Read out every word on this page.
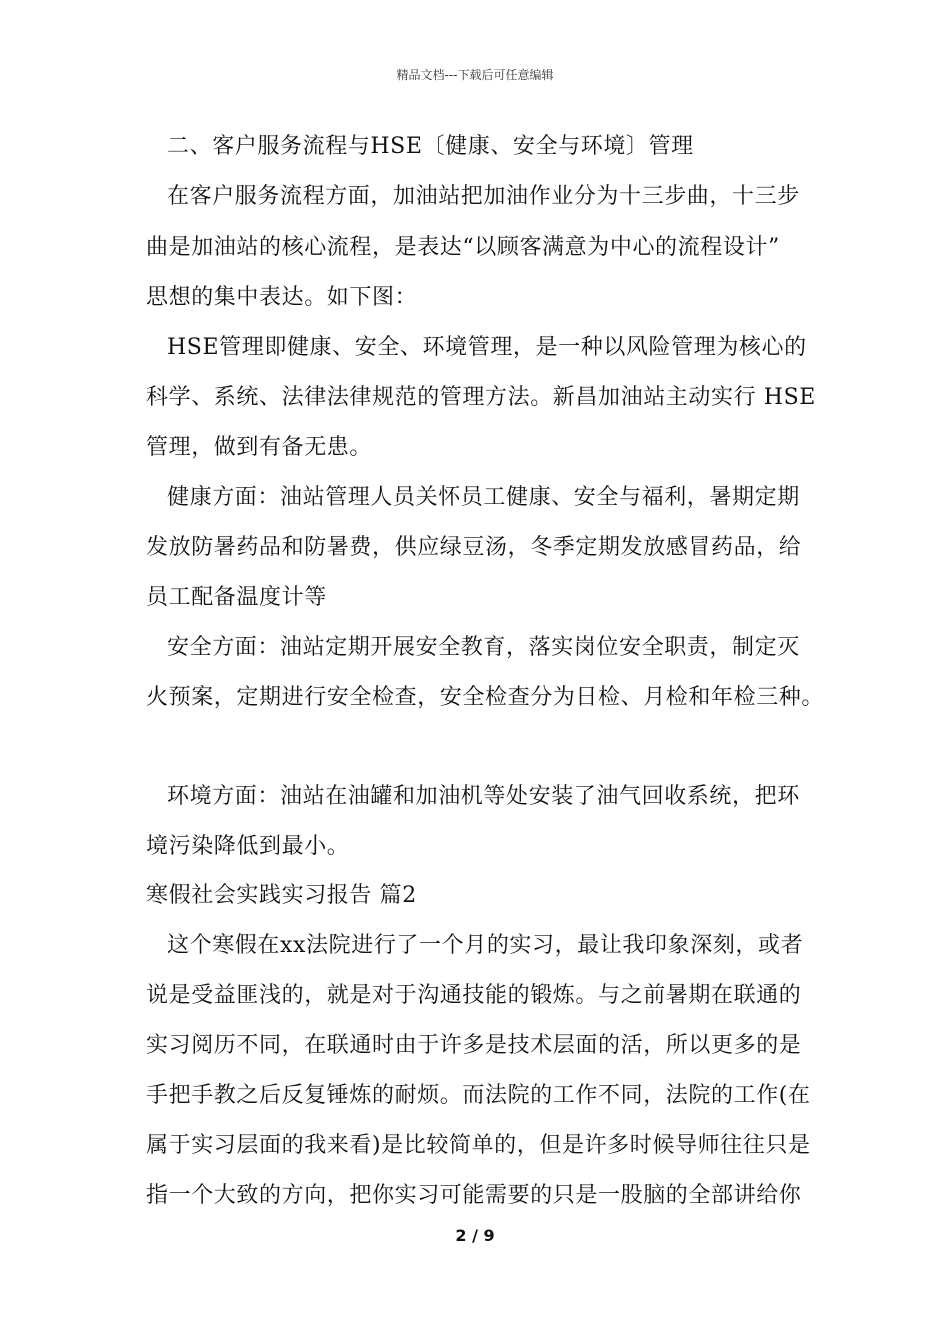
精品文档---下载后可任意编辑
二、客户服务流程与HSE〔健康、安全与环境〕管理
在客户服务流程方面，加油站把加油作业分为十三步曲，十三步
曲是加油站的核心流程，是表达“以顾客满意为中心的流程设计”
思想的集中表达。如下图：
HSE管理即健康、安全、环境管理，是一种以风险管理为核心的
科学、系统、法律法律规范的管理方法。新昌加油站主动实行 HSE
管理，做到有备无患。
健康方面：油站管理人员关怀员工健康、安全与福利，暑期定期
发放防暑药品和防暑费，供应绿豆汤，冬季定期发放感冒药品，给
员工配备温度计等
安全方面：油站定期开展安全教育，落实岗位安全职责，制定灭
火预案，定期进行安全检查，安全检查分为日检、月检和年检三种。
环境方面：油站在油罐和加油机等处安装了油气回收系统，把环
境污染降低到最小。
寒假社会实践实习报告 篇2
这个寒假在xx法院进行了一个月的实习，最让我印象深刻，或者
说是受益匪浅的，就是对于沟通技能的锻炼。与之前暑期在联通的
实习阅历不同，在联通时由于许多是技术层面的活，所以更多的是
手把手教之后反复锤炼的耐烦。而法院的工作不同，法院的工作(在
属于实习层面的我来看)是比较简单的，但是许多时候导师往往只是
指一个大致的方向，把你实习可能需要的只是一股脑的全部讲给你
2 / 9
